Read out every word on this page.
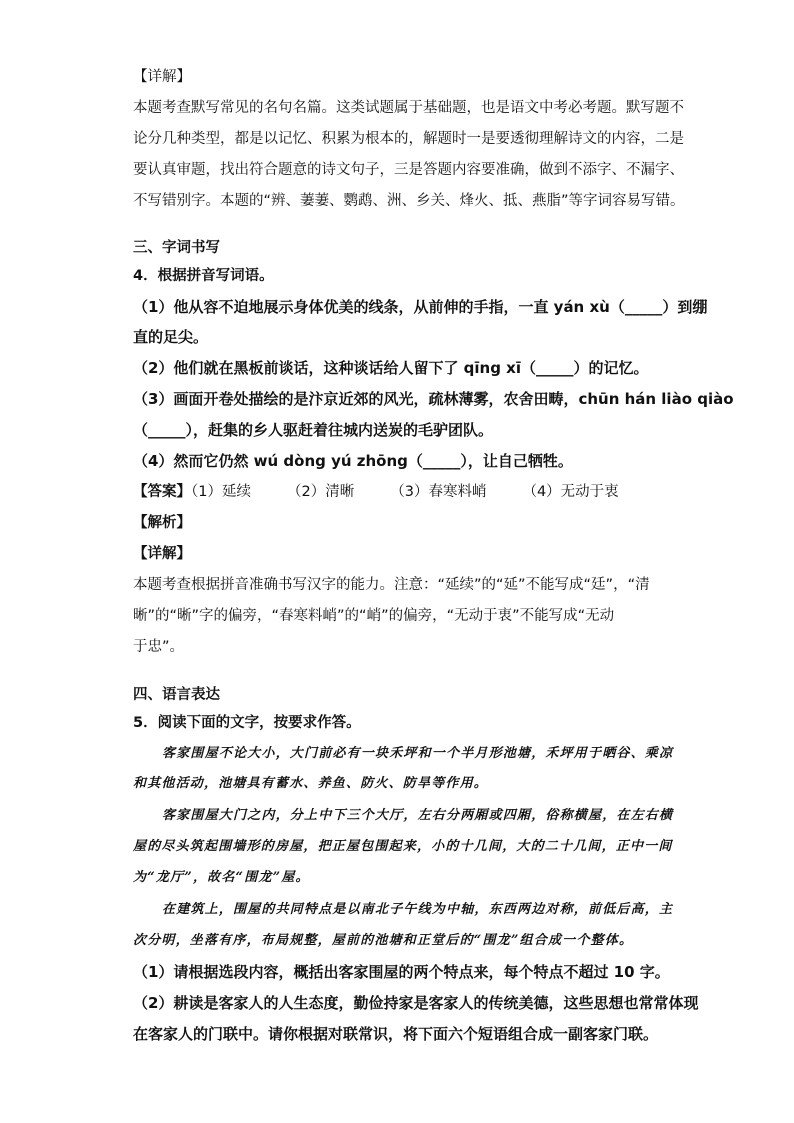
【详解】
本题考查默写常见的名句名篇。这类试题属于基础题，也是语文中考必考题。默写题不
论分几种类型，都是以记忆、积累为根本的，解题时一是要透彻理解诗文的内容，二是
要认真审题，找出符合题意的诗文句子，三是答题内容要准确，做到不添字、不漏字、
不写错别字。本题的“辨、萋萋、鹦鹉、洲、乡关、烽火、抵、燕脂”等字词容易写错。
三、字词书写
4．根据拼音写词语。
（1）他从容不迫地展示身体优美的线条，从前伸的手指，一直 yán xù（_____）到绷
直的足尖。
（2）他们就在黑板前谈话，这种谈话给人留下了 qīng xī（_____）的记忆。
（3）画面开卷处描绘的是汴京近郊的风光，疏林薄雾，农舍田畴，chūn hán liào qiào
（_____），赶集的乡人驱赶着往城内送炭的毛驴团队。
（4）然而它仍然 wú dòng yú zhōng（_____），让自己牺牲。
【答案】（1）延续 （2）清晰 （3）春寒料峭 （4）无动于衷
【解析】
【详解】
本题考查根据拼音准确书写汉字的能力。注意：“延续”的“延”不能写成“廷”，“清
晰”的“晰”字的偏旁，“春寒料峭”的“峭”的偏旁，“无动于衷”不能写成“无动
于忠”。
四、语言表达
5．阅读下面的文字，按要求作答。
客家围屋不论大小，大门前必有一块禾坪和一个半月形池塘，禾坪用于晒谷、乘凉
和其他活动，池塘具有蓄水、养鱼、防火、防旱等作用。
客家围屋大门之内，分上中下三个大厅，左右分两厢或四厢，俗称横屋，在左右横
屋的尽头筑起围墙形的房屋，把正屋包围起来，小的十几间，大的二十几间，正中一间
为“龙厅”，故名“围龙”屋。
在建筑上，围屋的共同特点是以南北子午线为中轴，东西两边对称，前低后高，主
次分明，坐落有序，布局规整，屋前的池塘和正堂后的“围龙”组合成一个整体。
（1）请根据选段内容，概括出客家围屋的两个特点来，每个特点不超过 10 字。
（2）耕读是客家人的人生态度，勤俭持家是客家人的传统美德，这些思想也常常体现
在客家人的门联中。请你根据对联常识，将下面六个短语组合成一副客家门联。
